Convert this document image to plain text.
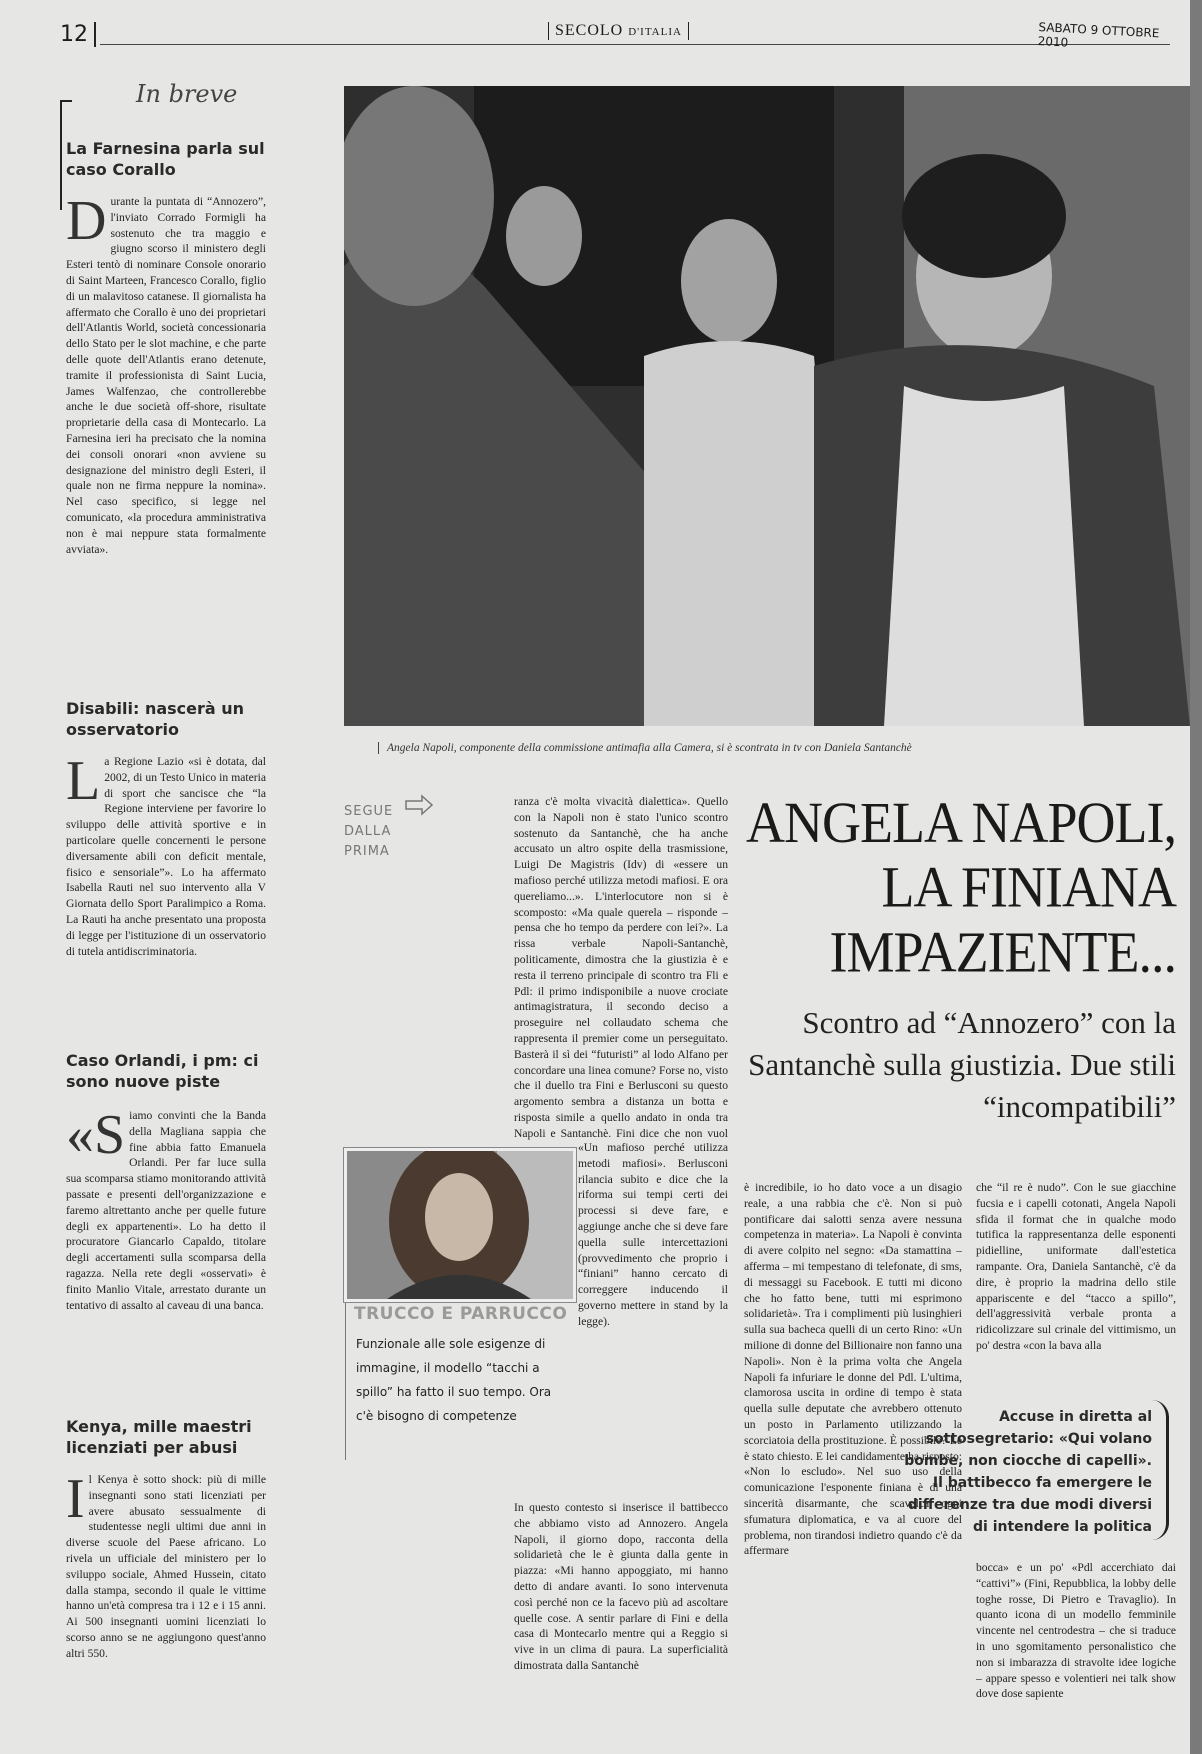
12	SECOLO D'ITALIA	SABATO 9 OTTOBRE 2010
In breve
La Farnesina parla sul caso Corallo

Durante la puntata di “Annozero”, l'inviato Corrado Formigli ha sostenuto che tra maggio e giugno scorso il ministero degli Esteri tentò di nominare Console onorario di Saint Marteen, Francesco Corallo, figlio di un malavitoso catanese. Il giornalista ha affermato che Corallo è uno dei proprietari dell'Atlantis World, società concessionaria dello Stato per le slot machine, e che parte delle quote dell'Atlantis erano detenute, tramite il professionista di Saint Lucia, James Walfenzao, che controllerebbe anche le due società off-shore, risultate proprietarie della casa di Montecarlo. La Farnesina ieri ha precisato che la nomina dei consoli onorari «non avviene su designazione del ministro degli Esteri, il quale non ne firma neppure la nomina». Nel caso specifico, si legge nel comunicato, «la procedura amministrativa non è mai neppure stata formalmente avviata».

Disabili: nascerà un osservatorio

La Regione Lazio «si è dotata, dal 2002, di un Testo Unico in materia di sport che sancisce che “la Regione interviene per favorire lo sviluppo delle attività sportive e in particolare quelle concernenti le persone diversamente abili con deficit mentale, fisico e sensoriale”». Lo ha affermato Isabella Rauti nel suo intervento alla V Giornata dello Sport Paralimpico a Roma. La Rauti ha anche presentato una proposta di legge per l'istituzione di un osservatorio di tutela antidiscriminatoria.

Caso Orlandi, i pm: ci sono nuove piste

«Siamo convinti che la Banda della Magliana sappia che fine abbia fatto Emanuela Orlandi. Per far luce sulla sua scomparsa stiamo monitorando attività passate e presenti dell'organizzazione e faremo altrettanto anche per quelle future degli ex appartenenti». Lo ha detto il procuratore Giancarlo Capaldo, titolare degli accertamenti sulla scomparsa della ragazza. Nella rete degli «osservati» è finito Manlio Vitale, arrestato durante un tentativo di assalto al caveau di una banca.

Kenya, mille maestri licenziati per abusi

Il Kenya è sotto shock: più di mille insegnanti sono stati licenziati per avere abusato sessualmente di studentesse negli ultimi due anni in diverse scuole del Paese africano. Lo rivela un ufficiale del ministero per lo sviluppo sociale, Ahmed Hussein, citato dalla stampa, secondo il quale le vittime hanno un'età compresa tra i 12 e i 15 anni. Ai 500 insegnanti uomini licenziati lo scorso anno se ne aggiungono quest'anno altri 550.

Angela Napoli, componente della commissione antimafia alla Camera, si è scontrata in tv con Daniela Santanchè
SEGUE
DALLA
PRIMA

ranza c'è molta vivacità dialettica». Quello con la Napoli non è stato l'unico scontro sostenuto da Santanchè, che ha anche accusato un altro ospite della trasmissione, Luigi De Magistris (Idv) di «essere un mafioso perché utilizza metodi mafiosi. E ora quereliamo...». L'interlocutore non si è scomposto: «Ma quale querela – risponde – pensa che ho tempo da perdere con lei?». La rissa verbale Napoli-Santanchè, politicamente, dimostra che la giustizia è e resta il terreno principale di scontro tra Fli e Pdl: il primo indisponibile a nuove crociate antimagistratura, il secondo deciso a proseguire nel collaudato schema che rappresenta il premier come un perseguitato. Basterà il sì dei “futuristi” al lodo Alfano per concordare una linea comune? Forse no, visto che il duello tra Fini e Berlusconi su questo argomento sembra a distanza un botta e risposta simile a quello andato in onda tra Napoli e Santanchè. Fini dice che non vuol

«Un mafioso perché utilizza metodi mafiosi». Berlusconi rilancia subito e dice che la riforma sui tempi certi dei processi si deve fare, e aggiunge anche che si deve fare quella sulle intercettazioni (provvedimento che proprio i “finiani” hanno cercato di correggere inducendo il governo mettere in stand by la legge).

In questo contesto si inserisce il battibecco che abbiamo visto ad Annozero. Angela Napoli, il giorno dopo, racconta della solidarietà che le è giunta dalla gente in piazza: «Mi hanno appoggiato, mi hanno detto di andare avanti. Io sono intervenuta così perché non ce la facevo più ad ascoltare quelle cose. A sentir parlare di Fini e della casa di Montecarlo mentre qui a Reggio si vive in un clima di paura. La superficialità dimostrata dalla Santanchè

ANGELA NAPOLI,
LA FINIANA
IMPAZIENTE...
Scontro ad “Annozero” con la Santanchè sulla giustizia. Due stili “incompatibili”

è incredibile, io ho dato voce a un disagio reale, a una rabbia che c'è. Non si può pontificare dai salotti senza avere nessuna competenza in materia». La Napoli è convinta di avere colpito nel segno: «Da stamattina – afferma – mi tempestano di telefonate, di sms, di messaggi su Facebook. E tutti mi dicono che ho fatto bene, tutti mi esprimono solidarietà». Tra i complimenti più lusinghieri sulla sua bacheca quelli di un certo Rino: «Un milione di donne del Billionaire non fanno una Napoli». Non è la prima volta che Angela Napoli fa infuriare le donne del Pdl. L'ultima, clamorosa uscita in ordine di tempo è stata quella sulle deputate che avrebbero ottenuto un posto in Parlamento utilizzando la scorciatoia della prostituzione. È possibile? Le è stato chiesto. E lei candidamente ha risposto: «Non lo escludo». Nel suo uso della comunicazione l'esponente finiana è di una sincerità disarmante, che scavalca ogni sfumatura diplomatica, e va al cuore del problema, non tirandosi indietro quando c'è da affermare

che “il re è nudo”. Con le sue giacchine fucsia e i capelli cotonati, Angela Napoli sfida il format che in qualche modo tutifica la rappresentanza delle esponenti pidielline, uniformate dall'estetica rampante. Ora, Daniela Santanchè, c'è da dire, è proprio la madrina dello stile appariscente e del “tacco a spillo”, dell'aggressività verbale pronta a ridicolizzare sul crinale del vittimismo, un po' destra «con la bava alla

bocca» e un po' «Pdl accerchiato dai “cattivi”» (Fini, Repubblica, la lobby delle toghe rosse, Di Pietro e Travaglio). In quanto icona di un modello femminile vincente nel centrodestra – che si traduce in uno sgomitamento personalistico che non si imbarazza di stravolte idee logiche – appare spesso e volentieri nei talk show dove dose sapiente

TRUCCO E PARRUCCO
Funzionale alle sole esigenze di immagine, il modello “tacchi a spillo” ha fatto il suo tempo. Ora c'è bisogno di competenze	Accuse in diretta al sottosegretario: «Qui volano bombe, non ciocche di capelli». Il battibecco fa emergere le differenze tra due modi diversi di intendere la politica
